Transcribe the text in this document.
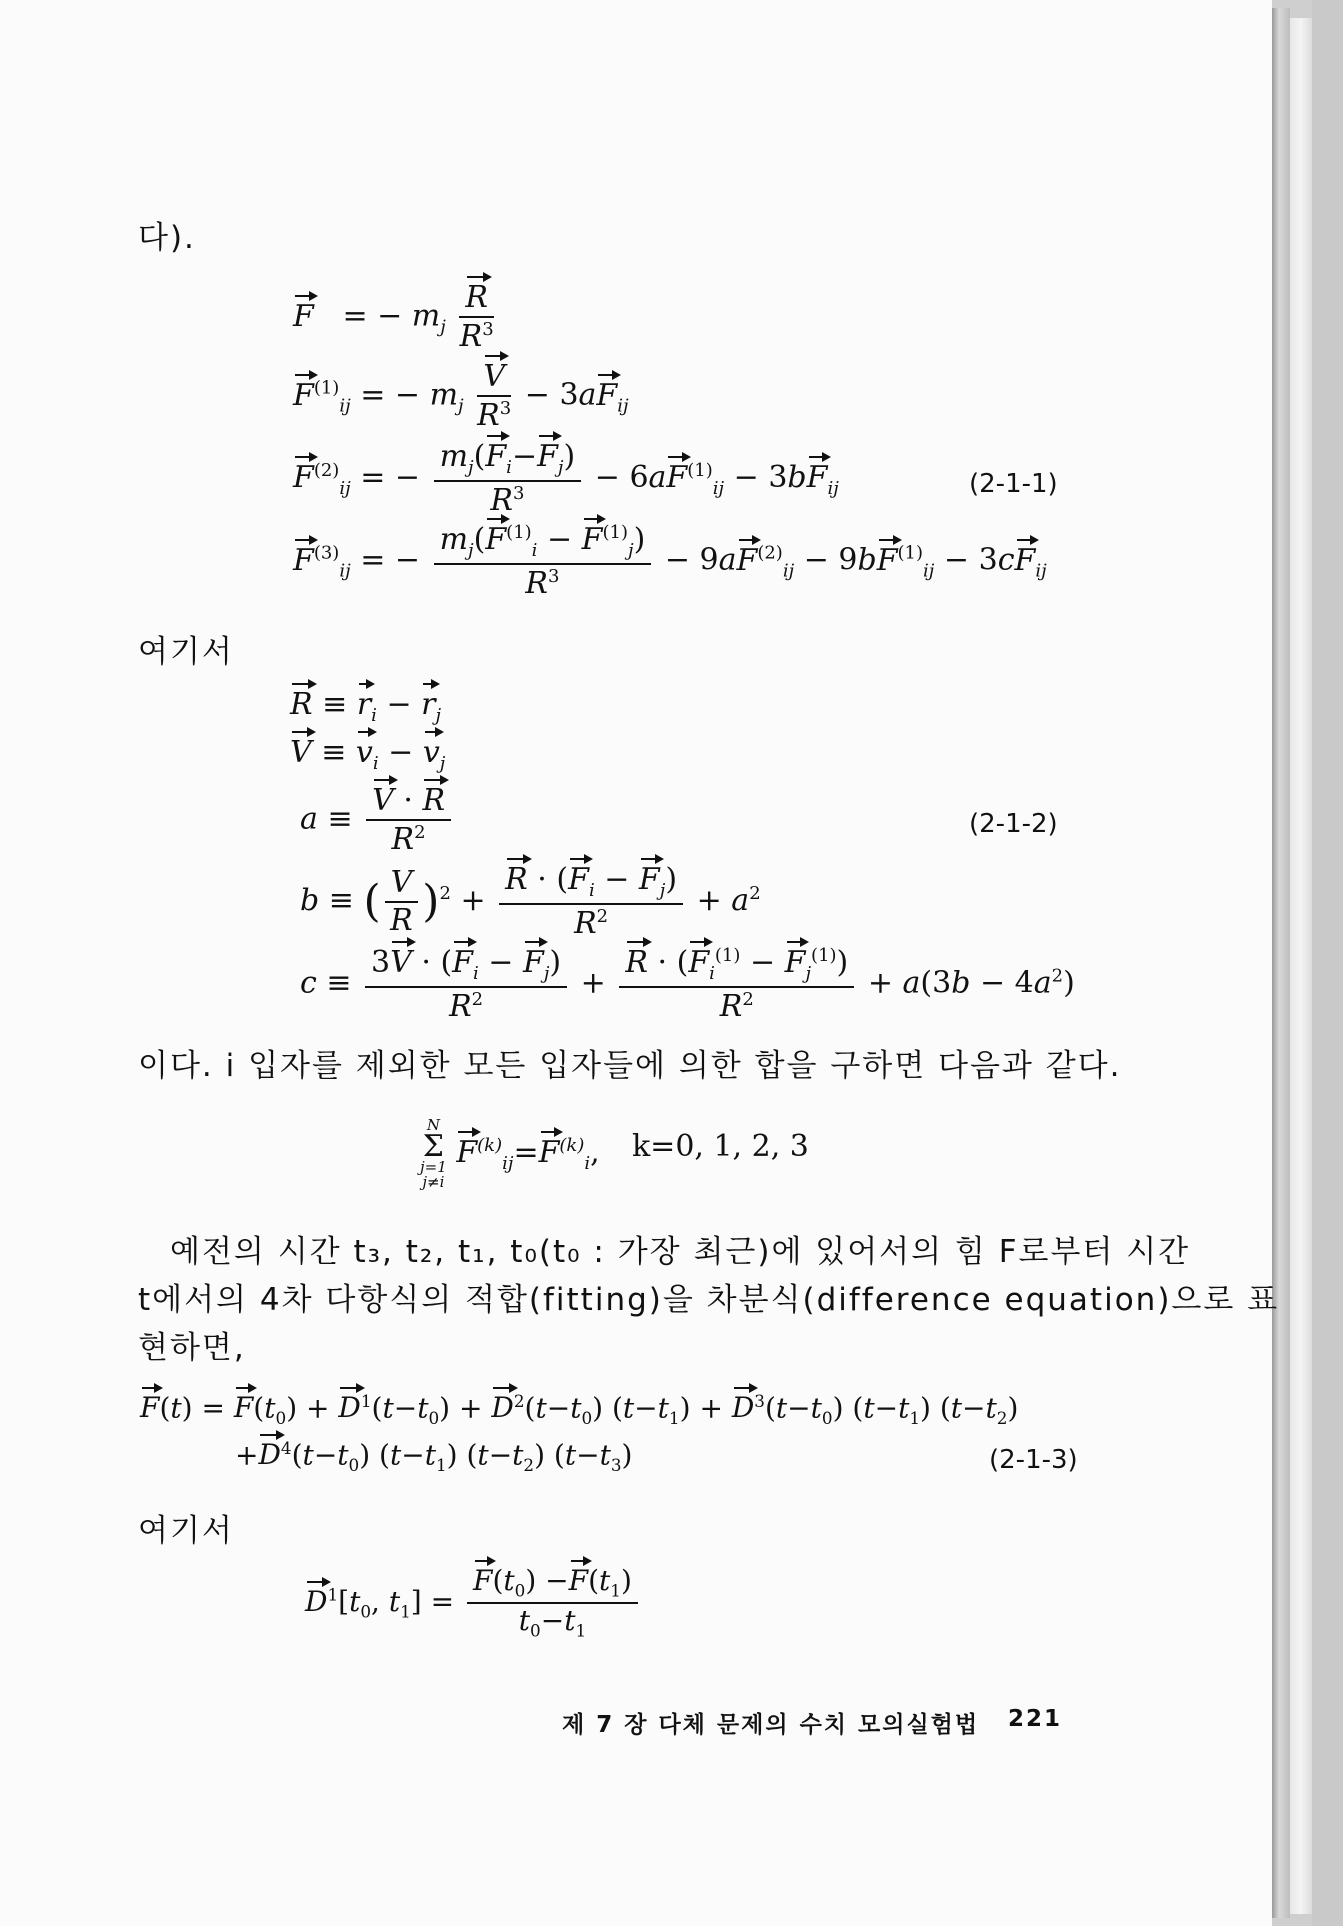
다).
F = − $m_j \frac{R}{R^3}$
$F^{(1)}_{ij}$ = − $m_j \frac{V}{R^3} - 3aF_{ij}$
$F^{(2)}_{ij}$ = − $\frac{m_j(F_i-F_j)}{R^3} - 6aF^{(1)}_{ij} - 3bF_{ij}$
$F^{(3)}_{ij}$ = − $\frac{m_j(F^{(1)}_i - F^{(1)}_j)}{R^3} - 9aF^{(2)}_{ij} - 9bF^{(1)}_{ij} - 3cF_{ij}$
(2-1-1)
여기서
$R \equiv r_i - r_j$
$V \equiv v_i - v_j$
$a \equiv \frac{V \cdot R}{R^2}$	(2-1-2)
b ≡ ( $\frac{V}{R} )^2 + \frac{R \cdot (F_i - F_j)}{R^2} + a^2$
$c \equiv \frac{3V \cdot (F_i - F_j)}{R^2} + \frac{R \cdot (F_i^{(1)} - F_j^{(1)})}{R^2} + a(3b - 4a^2)$
이다. i 입자를 제외한 모든 입자들에 의한 합을 구하면 다음과 같다.
N
Σ
j=1
j≠i
$F^{(k)}_{ij}=F^{(k)}_i$, k=0, 1, 2, 3
예전의 시간 t₃, t₂, t₁, t₀(t₀ : 가장 최근)에 있어서의 힘 F로부터 시간
t에서의 4차 다항식의 적합(fitting)을 차분식(difference equation)으로 표
현하면,
$F(t) = F(t_0) + D^1(t-t_0) + D^2(t-t_0) (t-t_1) + D^3(t-t_0)$ $(t-t_1)$ $(t-t_2)$
$+D^4(t-t_0)$ $(t-t_1)$ $(t-t_2)$ $(t-t_3)$	(2-1-3)
여기서
$D^1[t_0$, $t_1] = \frac{F(t_0) -F(t_1)}{t_0-t_1}$
제 7 장 다체 문제의 수치 모의실험법 221
